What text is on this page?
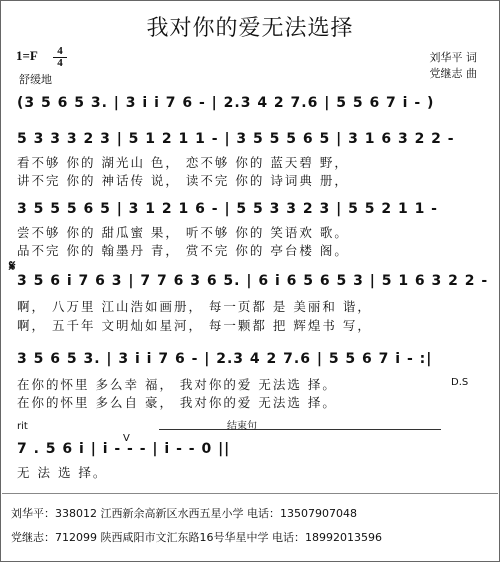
我对你的爱无法选择
1=F	4
4
舒缓地
刘华平 词
党继志 曲
(3 5 6 5 3. | 3 i i 7 6 - | 2.3 4 2 7.6 | 5 5 6 7 i - )
5 3 3 3 2 3 | 5 1 2 1 1 - | 3 5 5 5 6 5 | 3 1 6 3 2 2 -
看不够 你的 湖光山 色， 恋不够 你的 蓝天碧 野，
讲不完 你的 神话传 说， 读不完 你的 诗词典 册，
3 5 5 5 6 5 | 3 1 2 1 6 - | 5 5 3 3 2 3 | 5 5 2 1 1 -
尝不够 你的 甜瓜蜜 果， 听不够 你的 笑语欢 歌。
品不完 你的 翰墨丹 青， 赏不完 你的 亭台楼 阁。
𝄋
3 5 6 i 7 6 3 | 7 7 6 3 6 5. | 6 i 6 5 6 5 3 | 5 1 6 3 2 2 -
啊， 八万里 江山浩如画册， 每一页都 是 美丽和 谐，
啊， 五千年 文明灿如星河， 每一颗都 把 辉煌书 写，
3 5 6 5 3. | 3 i i 7 6 - | 2.3 4 2 7.6 | 5 5 6 7 i - :|
在你的怀里 多么幸 福， 我对你的爱 无法选 择。
在你的怀里 多么自 豪， 我对你的爱 无法选 择。
D.S
rit	结束句
V
7 . 5 6 i | i - - - | i - - 0 ||
无 法 选 择。
刘华平：338012 江西新余高新区水西五星小学 电话：13507907048
党继志：712099 陕西咸阳市文汇东路16号华星中学 电话：18992013596
